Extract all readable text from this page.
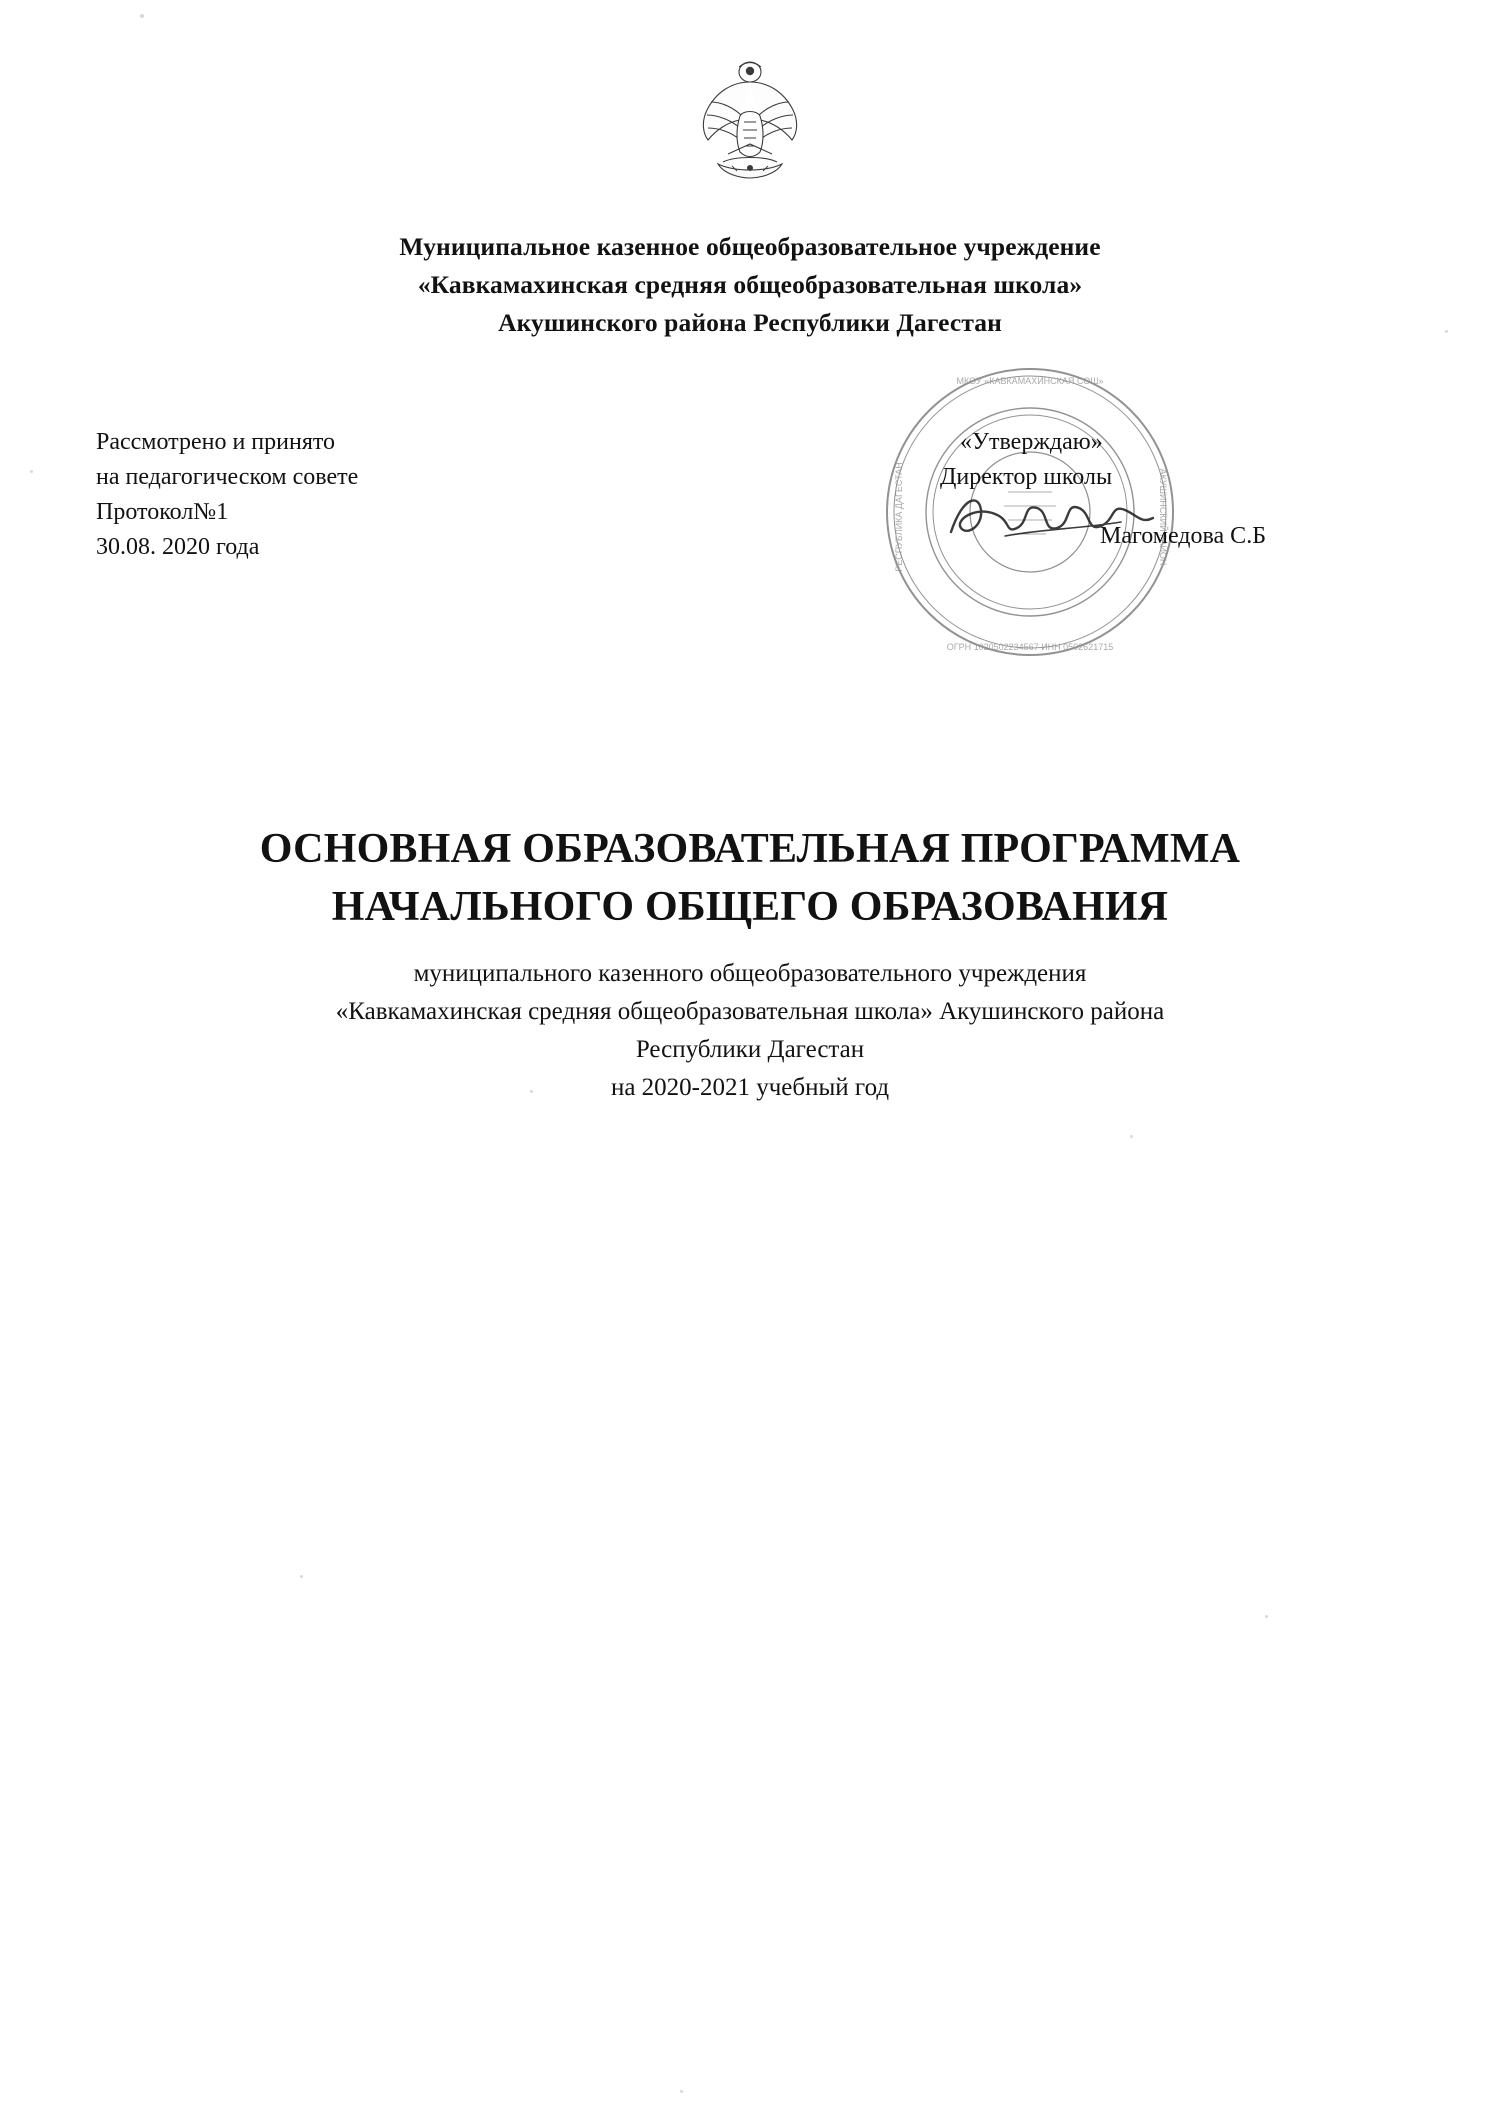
Муниципальное казенное общеобразовательное учреждение
«Кавкамахинская средняя общеобразовательная школа»
Акушинского района Республики Дагестан
Рассмотрено и принято
на педагогическом совете
Протокол№1
30.08. 2020 года
МКОУ «КАВКАМАХИНСКАЯ СОШ»
ОГРН 1020502234567 ИНН 0502621715
РЕСПУБЛИКА ДАГЕСТАН	АКУШИНСКИЙ РАЙОН
«Утверждаю»
Директор школы
Магомедова С.Б
ОСНОВНАЯ ОБРАЗОВАТЕЛЬНАЯ ПРОГРАММА
НАЧАЛЬНОГО ОБЩЕГО ОБРАЗОВАНИЯ
муниципального казенного общеобразовательного учреждения
«Кавкамахинская средняя общеобразовательная школа» Акушинского района
Республики Дагестан
на 2020-2021 учебный год
